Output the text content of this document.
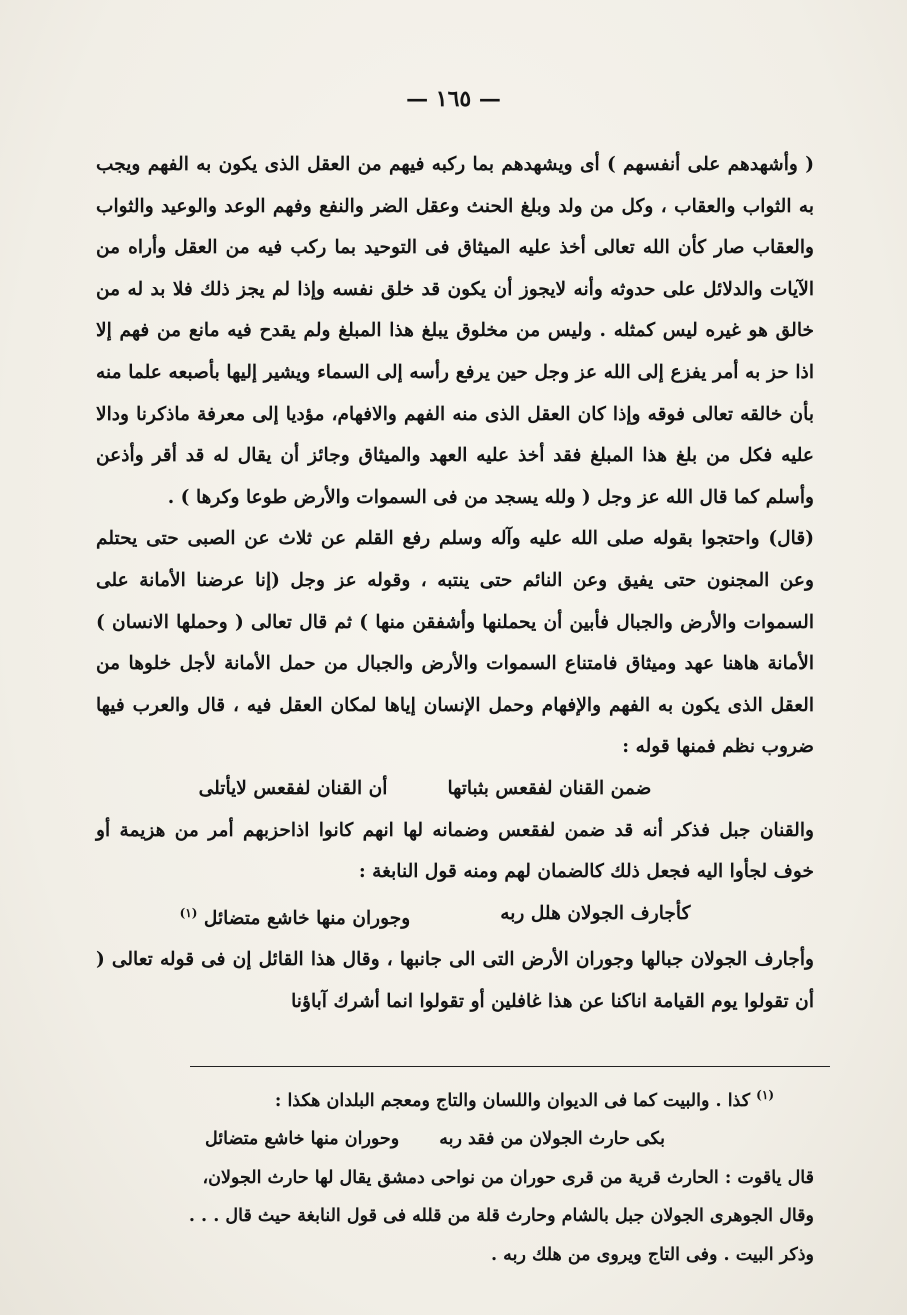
— ١٦٥ —

( وأشهدهم على أنفسهم ) أى ويشهدهم بما ركبه فيهم من العقل الذى يكون به الفهم ويجب به الثواب والعقاب ، وكل من ولد وبلغ الحنث وعقل الضر والنفع وفهم الوعد والوعيد والثواب والعقاب صار كأن الله تعالى أخذ عليه الميثاق فى التوحيد بما ركب فيه من العقل وأراه من الآيات والدلائل على حدوثه وأنه لايجوز أن يكون قد خلق نفسه وإذا لم يجز ذلك فلا بد له من خالق هو غيره ليس كمثله . وليس من مخلوق يبلغ هذا المبلغ ولم يقدح فيه مانع من فهم إلا اذا حز به أمر يفزع إلى الله عز وجل حين يرفع رأسه إلى السماء ويشير إليها بأصبعه علما منه بأن خالقه تعالى فوقه وإذا كان العقل الذى منه الفهم والافهام، مؤديا إلى معرفة ماذكرنا ودالا عليه فكل من بلغ هذا المبلغ فقد أخذ عليه العهد والميثاق وجائز أن يقال له قد أقر وأذعن وأسلم كما قال الله عز وجل ( ولله يسجد من فى السموات والأرض طوعا وكرها ) .

(قال) واحتجوا بقوله صلى الله عليه وآله وسلم رفع القلم عن ثلاث عن الصبى حتى يحتلم وعن المجنون حتى يفيق وعن النائم حتى ينتبه ، وقوله عز وجل (إنا عرضنا الأمانة على السموات والأرض والجبال فأبين أن يحملنها وأشفقن منها ) ثم قال تعالى ( وحملها الانسان ) الأمانة هاهنا عهد وميثاق فامتناع السموات والأرض والجبال من حمل الأمانة لأجل خلوها من العقل الذى يكون به الفهم والإفهام وحمل الإنسان إياها لمكان العقل فيه ، قال والعرب فيها ضروب نظم فمنها قوله :

ضمن القنان لفقعس بثباتها
أن القنان لفقعس لايأتلى

والقنان جبل فذكر أنه قد ضمن لفقعس وضمانه لها انهم كانوا اذاحزبهم أمر من هزيمة أو خوف لجأوا اليه فجعل ذلك كالضمان لهم ومنه قول النابغة :

كأجارف الجولان هلل ربه
وجوران منها خاشع متضائل $^{(١)}$

وأجارف الجولان جبالها وجوران الأرض التى الى جانبها ، وقال هذا القائل إن فى قوله تعالى ( أن تقولوا يوم القيامة اناكنا عن هذا غافلين أو تقولوا انما أشرك آباؤنا

$^{(١)}$ كذا . والبيت كما فى الديوان واللسان والتاج ومعجم البلدان هكذا :

بكى حارث الجولان من فقد ربه
وحوران منها خاشع متضائل

قال ياقوت : الحارث قرية من قرى حوران من نواحى دمشق يقال لها حارث الجولان،

وقال الجوهرى الجولان جبل بالشام وحارث قلة من قلله فى قول النابغة حيث قال . . .

وذكر البيت . وفى التاج ويروى من هلك ربه .
